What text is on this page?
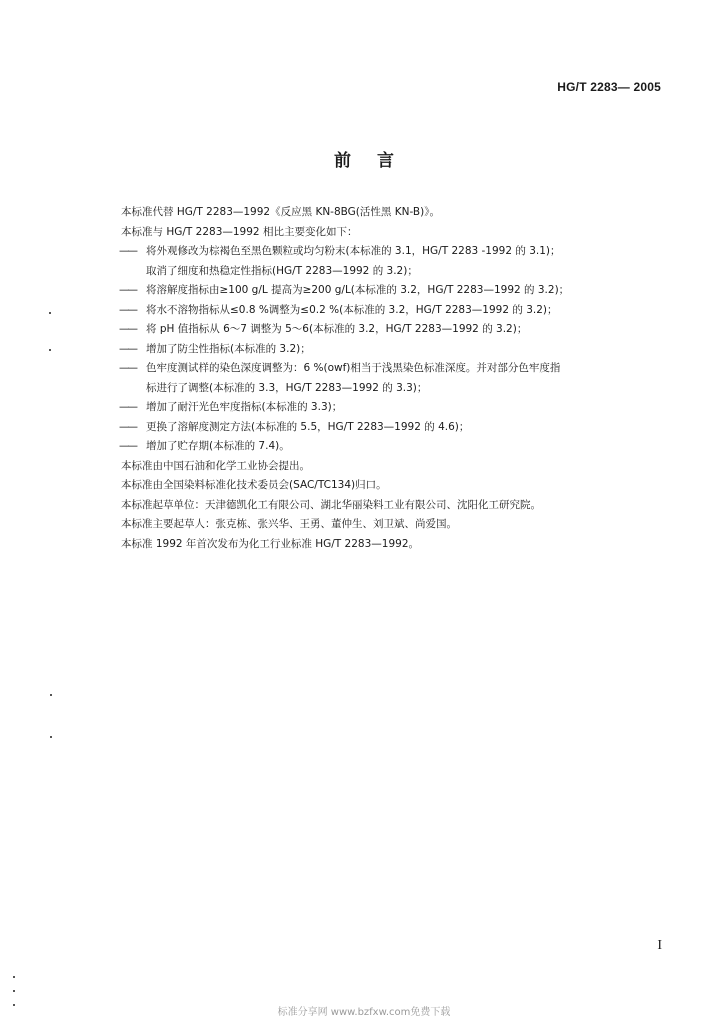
HG/T 2283— 2005
前 言
本标准代替 HG/T 2283—1992《反应黑 KN-8BG(活性黑 KN-B)》。
本标准与 HG/T 2283—1992 相比主要变化如下：
—— 将外观修改为棕褐色至黑色颗粒或均匀粉末(本标准的 3.1，HG/T 2283 -1992 的 3.1)；
取消了细度和热稳定性指标(HG/T 2283—1992 的 3.2)；
—— 将溶解度指标由≥100 g/L 提高为≥200 g/L(本标准的 3.2，HG/T 2283—1992 的 3.2)；
—— 将水不溶物指标从≤0.8 %调整为≤0.2 %(本标准的 3.2，HG/T 2283—1992 的 3.2)；
—— 将 pH 值指标从 6～7 调整为 5～6(本标准的 3.2，HG/T 2283—1992 的 3.2)；
—— 增加了防尘性指标(本标准的 3.2)；
—— 色牢度测试样的染色深度调整为：6 %(owf)相当于浅黑染色标准深度。并对部分色牢度指
标进行了调整(本标准的 3.3，HG/T 2283—1992 的 3.3)；
—— 增加了耐汗光色牢度指标(本标准的 3.3)；
—— 更换了溶解度测定方法(本标准的 5.5，HG/T 2283—1992 的 4.6)；
—— 增加了贮存期(本标准的 7.4)。
本标准由中国石油和化学工业协会提出。
本标准由全国染料标准化技术委员会(SAC/TC134)归口。
本标准起草单位：天津德凯化工有限公司、湖北华丽染料工业有限公司、沈阳化工研究院。
本标准主要起草人：张克栋、张兴华、王勇、董仲生、刘卫斌、尚爱国。
本标准 1992 年首次发布为化工行业标准 HG/T 2283—1992。
I
标准分享网 www.bzfxw.com免费下载
